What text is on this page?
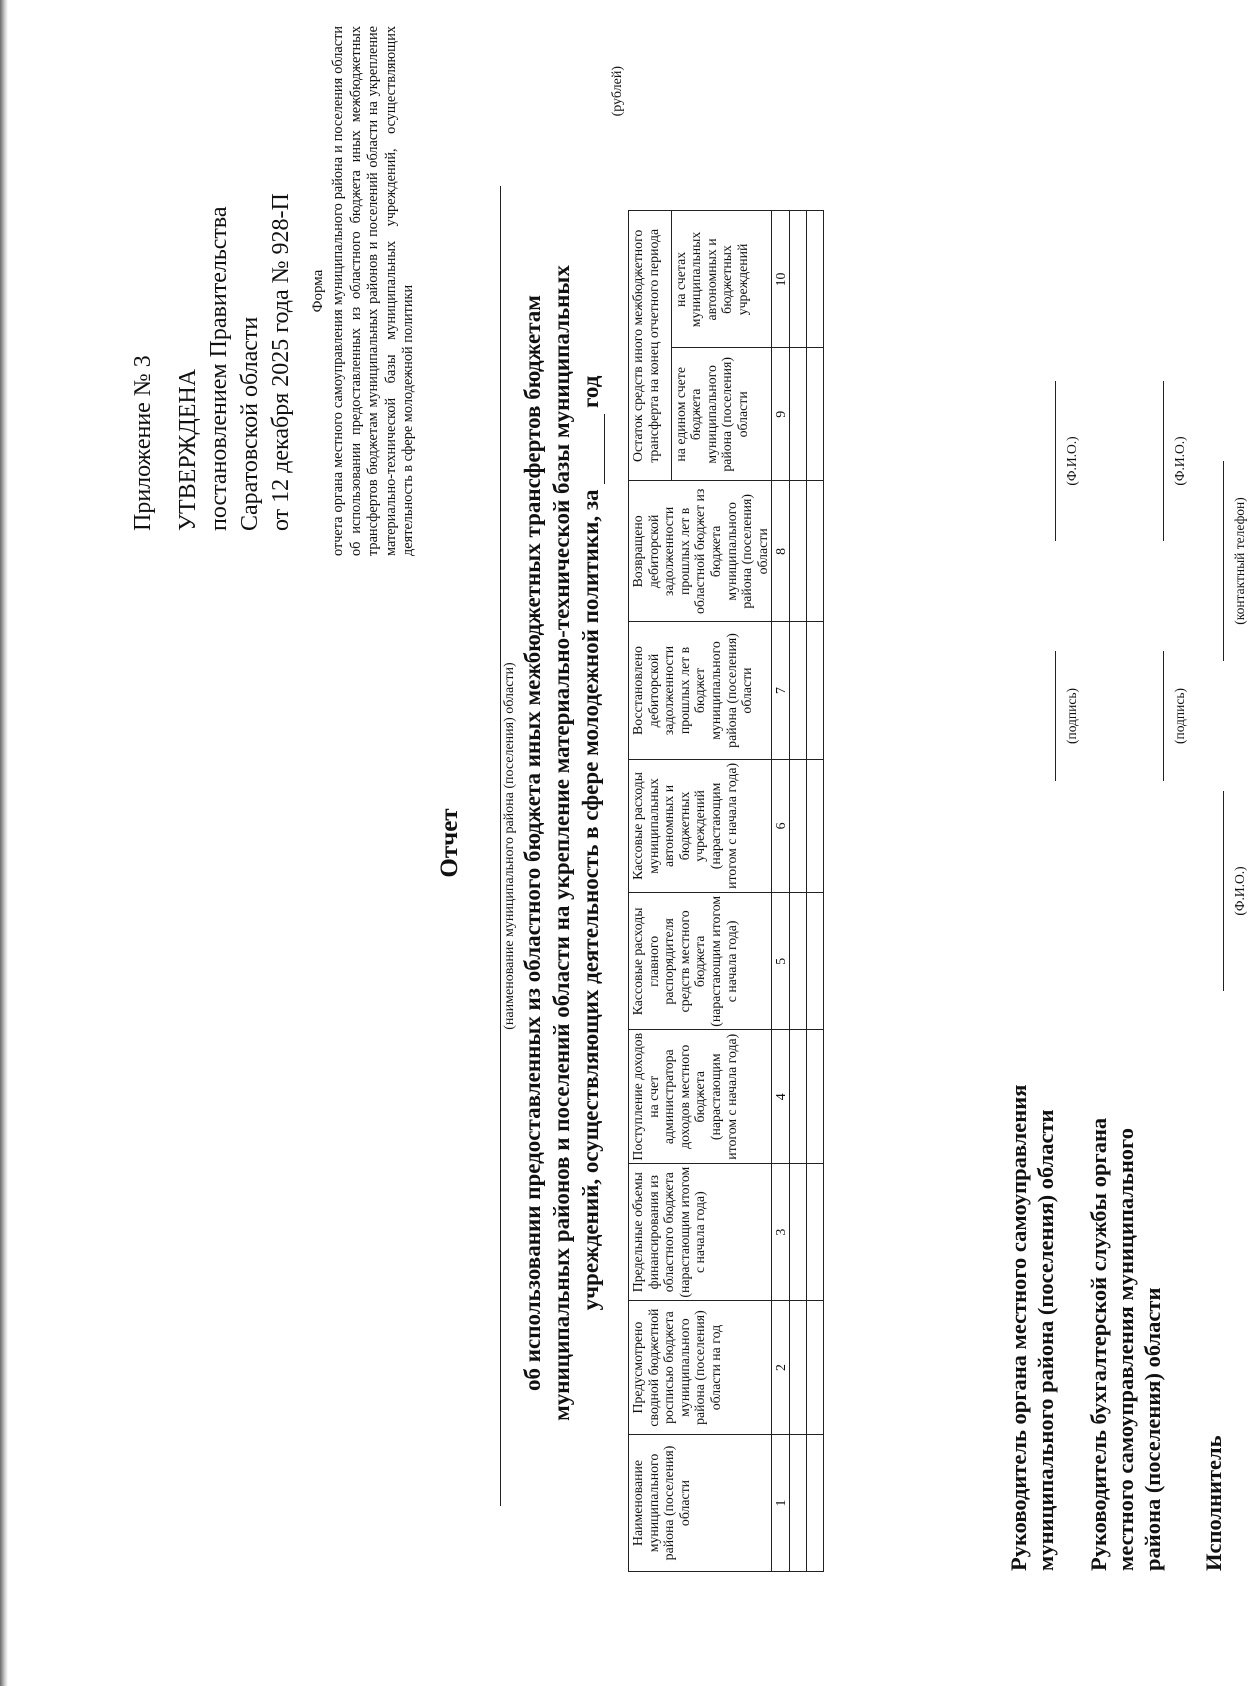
Приложение № 3 УТВЕРЖДЕНА постановлением Правительства Саратовской области от 12 декабря 2025 года № 928-П Форма отчета органа местного самоуправления муниципального района и поселения области об использовании предоставленных из областного бюджета иных межбюджетных трансфертов бюджетам муниципальных районов и поселений области на укрепление материально-технической базы муниципальных учреждений, осуществляющих деятельность в сфере молодежной политики
Отчет	(наименование муниципального района (поселения) области) об использовании предоставленных из областного бюджета иных межбюджетных трансфертов бюджетам муниципальных районов и поселений области на укрепление материально-технической базы муниципальных учреждений, осуществляющих деятельность в сфере молодежной политики, за  год
(рублей)
Наименование муниципального района (поселения) области	Предусмотрено сводной бюджетной росписью бюджета муниципального района (поселения) области на год	Предельные объемы финансирования из областного бюджета (нарастающим итогом с начала года)	Поступление доходов на счет администратора доходов местного бюджета (нарастающим итогом с начала года)	Кассовые расходы главного распорядителя средств местного бюджета (нарастающим итогом с начала года)	Кассовые расходы муниципальных автономных и бюджетных учреждений (нарастающим итогом с начала года)	Восстановлено дебиторской задолженности прошлых лет в бюджет муниципального района (поселения) области	Возвращено дебиторской задолженности прошлых лет в областной бюджет из бюджета муниципального района (поселения) области	Остаток средств иного межбюджетного трансферта на конец отчетного периода		
								на едином счете бюджета муниципального района (поселения) области	на счетах муниципальных автономных и бюджетных учреждений	
1	2	3	4	5	6	7	8	9	10	

Руководитель органа местного самоуправления муниципального района (поселения) области
(подпись)
(Ф.И.О.)
Руководитель бухгалтерской службы органа местного самоуправления муниципального района (поселения) области
(подпись)
(Ф.И.О.)
Исполнитель
(Ф.И.О.)
(контактный телефон)
